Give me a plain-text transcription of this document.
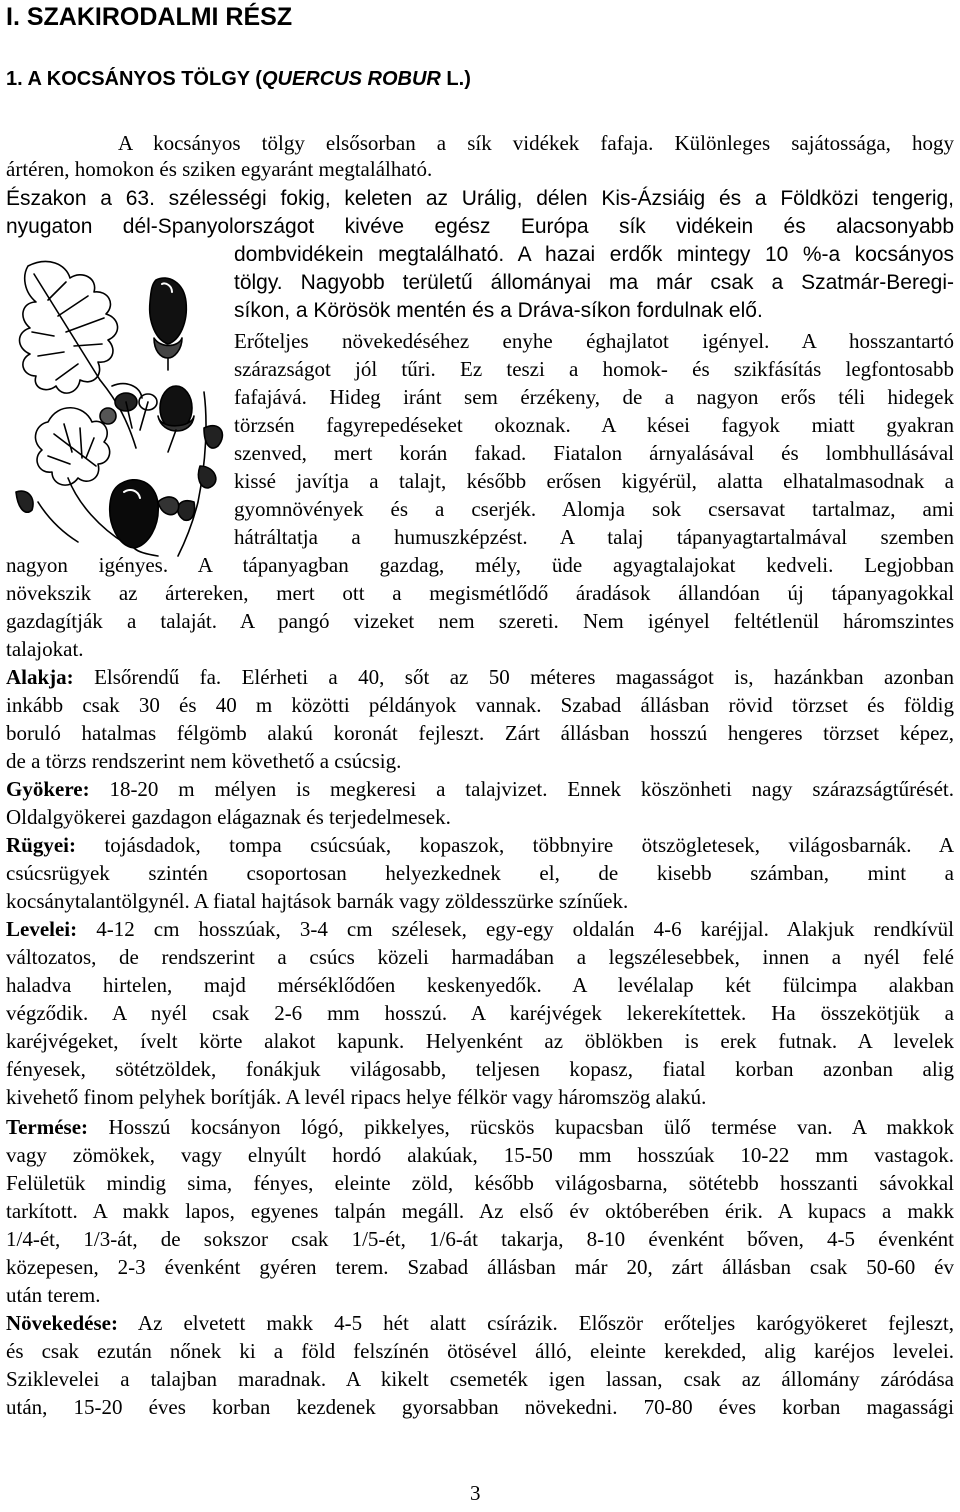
I. SZAKIRODALMI RÉSZ
1. A KOCSÁNYOS TÖLGY (QUERCUS ROBUR L.)
A kocsányos tölgy elsősorban a sík vidékek fafaja. Különleges sajátossága, hogy
ártéren, homokon és sziken egyaránt megtalálható.
Északon a 63. szélességi fokig, keleten az Urálig, délen Kis-Ázsiáig és a Földközi tengerig,
nyugaton dél-Spanyolországot kivéve egész Európa sík vidékein és alacsonyabb
dombvidékein megtalálható. A hazai erdők mintegy 10 %-a kocsányos
tölgy. Nagyobb területű állományai ma már csak a Szatmár-Beregi-
síkon, a Körösök mentén és a Dráva-síkon fordulnak elő.
Erőteljes növekedéséhez enyhe éghajlatot igényel. A hosszantartó
szárazságot jól tűri. Ez teszi a homok- és szikfásítás legfontosabb
fafajává. Hideg iránt sem érzékeny, de a nagyon erős téli hidegek
törzsén fagyrepedéseket okoznak. A kései fagyok miatt gyakran
szenved, mert korán fakad. Fiatalon árnyalásával és lombhullásával
kissé javítja a talajt, később erősen kigyérül, alatta elhatalmasodnak a
gyomnövények és a cserjék. Alomja sok csersavat tartalmaz, ami
hátráltatja a humuszképzést. A talaj tápanyagtartalmával szemben
nagyon igényes. A tápanyagban gazdag, mély, üde agyagtalajokat kedveli. Legjobban
növekszik az ártereken, mert ott a megismétlődő áradások állandóan új tápanyagokkal
gazdagítják a talaját. A pangó vizeket nem szereti. Nem igényel feltétlenül háromszintes
talajokat.
Alakja: Elsőrendű fa. Elérheti a 40, sőt az 50 méteres magasságot is, hazánkban azonban
inkább csak 30 és 40 m közötti példányok vannak. Szabad állásban rövid törzset és földig
boruló hatalmas félgömb alakú koronát fejleszt. Zárt állásban hosszú hengeres törzset képez,
de a törzs rendszerint nem követhető a csúcsig.
Gyökere: 18-20 m mélyen is megkeresi a talajvizet. Ennek köszönheti nagy szárazságtűrését.
Oldalgyökerei gazdagon elágaznak és terjedelmesek.
Rügyei: tojásdadok, tompa csúcsúak, kopaszok, többnyire ötszögletesek, világosbarnák. A
csúcsrügyek szintén csoportosan helyezkednek el, de kisebb számban, mint a
kocsánytalantölgynél. A fiatal hajtások barnák vagy zöldesszürke színűek.
Levelei: 4-12 cm hosszúak, 3-4 cm szélesek, egy-egy oldalán 4-6 karéjjal. Alakjuk rendkívül
változatos, de rendszerint a csúcs közeli harmadában a legszélesebbek, innen a nyél felé
haladva hirtelen, majd mérséklődően keskenyedők. A levélalap két fülcimpa alakban
végződik. A nyél csak 2-6 mm hosszú. A karéjvégek lekerekítettek. Ha összekötjük a
karéjvégeket, ívelt körte alakot kapunk. Helyenként az öblökben is erek futnak. A levelek
fényesek, sötétzöldek, fonákjuk világosabb, teljesen kopasz, fiatal korban azonban alig
kivehető finom pelyhek borítják. A levél ripacs helye félkör vagy háromszög alakú.
Termése: Hosszú kocsányon lógó, pikkelyes, rücskös kupacsban ülő termése van. A makkok
vagy zömökek, vagy elnyúlt hordó alakúak, 15-50 mm hosszúak 10-22 mm vastagok.
Felületük mindig sima, fényes, eleinte zöld, később világosbarna, sötétebb hosszanti sávokkal
tarkított. A makk lapos, egyenes talpán megáll. Az első év októberében érik. A kupacs a makk
1/4-ét, 1/3-át, de sokszor csak 1/5-ét, 1/6-át takarja, 8-10 évenként bőven, 4-5 évenként
közepesen, 2-3 évenként gyéren terem. Szabad állásban már 20, zárt állásban csak 50-60 év
után terem.
Növekedése: Az elvetett makk 4-5 hét alatt csírázik. Először erőteljes karógyökeret fejleszt,
és csak ezután nőnek ki a föld felszínén ötösével álló, eleinte kerekded, alig karéjos levelei.
Sziklevelei a talajban maradnak. A kikelt csemeték igen lassan, csak az állomány záródása
után, 15-20 éves korban kezdenek gyorsabban növekedni. 70-80 éves korban magassági
3
